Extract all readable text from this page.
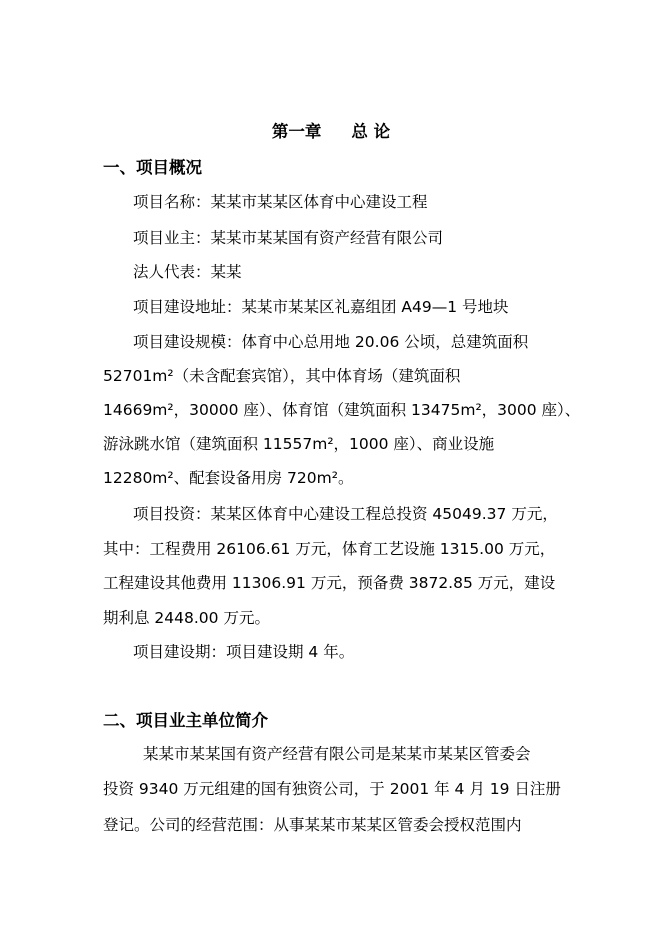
第一章 总 论
一、项目概况

项目名称：某某市某某区体育中心建设工程

项目业主：某某市某某国有资产经营有限公司

法人代表：某某

项目建设地址：某某市某某区礼嘉组团 A49—1 号地块

项目建设规模：体育中心总用地 20.06 公顷，总建筑面积

52701m²（未含配套宾馆），其中体育场（建筑面积

14669m²，30000 座）、体育馆（建筑面积 13475m²，3000 座）、

游泳跳水馆（建筑面积 11557m²，1000 座）、商业设施

12280m²、配套设备用房 720m²。

项目投资：某某区体育中心建设工程总投资 45049.37 万元，

其中：工程费用 26106.61 万元，体育工艺设施 1315.00 万元，

工程建设其他费用 11306.91 万元，预备费 3872.85 万元，建设

期利息 2448.00 万元。

项目建设期：项目建设期 4 年。

二、项目业主单位简介

某某市某某国有资产经营有限公司是某某市某某区管委会

投资 9340 万元组建的国有独资公司，于 2001 年 4 月 19 日注册

登记。公司的经营范围：从事某某市某某区管委会授权范围内
